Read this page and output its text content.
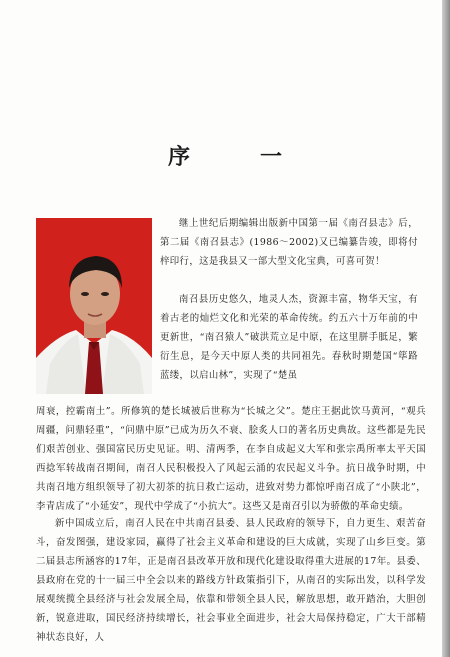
序　一

继上世纪后期编辑出版新中国第一届《南召县志》后，第二届《南召县志》(1986～2002)又已编纂告竣，即将付梓印行，这是我县又一部大型文化宝典，可喜可贺！

南召县历史悠久，地灵人杰，资源丰富，物华天宝，有着古老的灿烂文化和光荣的革命传统。约五六十万年前的中更新世，“南召猿人”破洪荒立足中原，在这里胼手胝足，繁衍生息，是今天中原人类的共同祖先。春秋时期楚国“筚路蓝缕，以启山林”，实现了“楚虽

周衰，控霸南土”。所修筑的楚长城被后世称为“长城之父”。楚庄王据此饮马黄河，“观兵周疆，问鼎轻重”，“问鼎中原”已成为历久不衰、脍炙人口的著名历史典故。这些都是先民们艰苦创业、强国富民历史见证。明、清两季，在李自成起义大军和张宗禹所率太平天国西捻军转战南召期间，南召人民积极投入了风起云涌的农民起义斗争。抗日战争时期，中共南召地方组织领导了初大初茶的抗日救亡运动，进致对势力都惊呼南召成了“小陕北”，李青店成了“小延安”，现代中学成了“小抗大”。这些又是南召引以为骄傲的革命史绩。

新中国成立后，南召人民在中共南召县委、县人民政府的领导下，自力更生、艰苦奋斗，奋发图强，建设家园，赢得了社会主义革命和建设的巨大成就，实现了山乡巨变。第二届县志所涵容的17年，正是南召县改革开放和现代化建设取得重大进展的17年。县委、县政府在党的十一届三中全会以来的路线方针政策指引下，从南召的实际出发，以科学发展观统揽全县经济与社会发展全局，依靠和带领全县人民，解放思想，敢开踏治，大胆创新，锐意进取，国民经济持续增长，社会事业全面进步，社会大局保持稳定，广大干部精神状态良好，人
